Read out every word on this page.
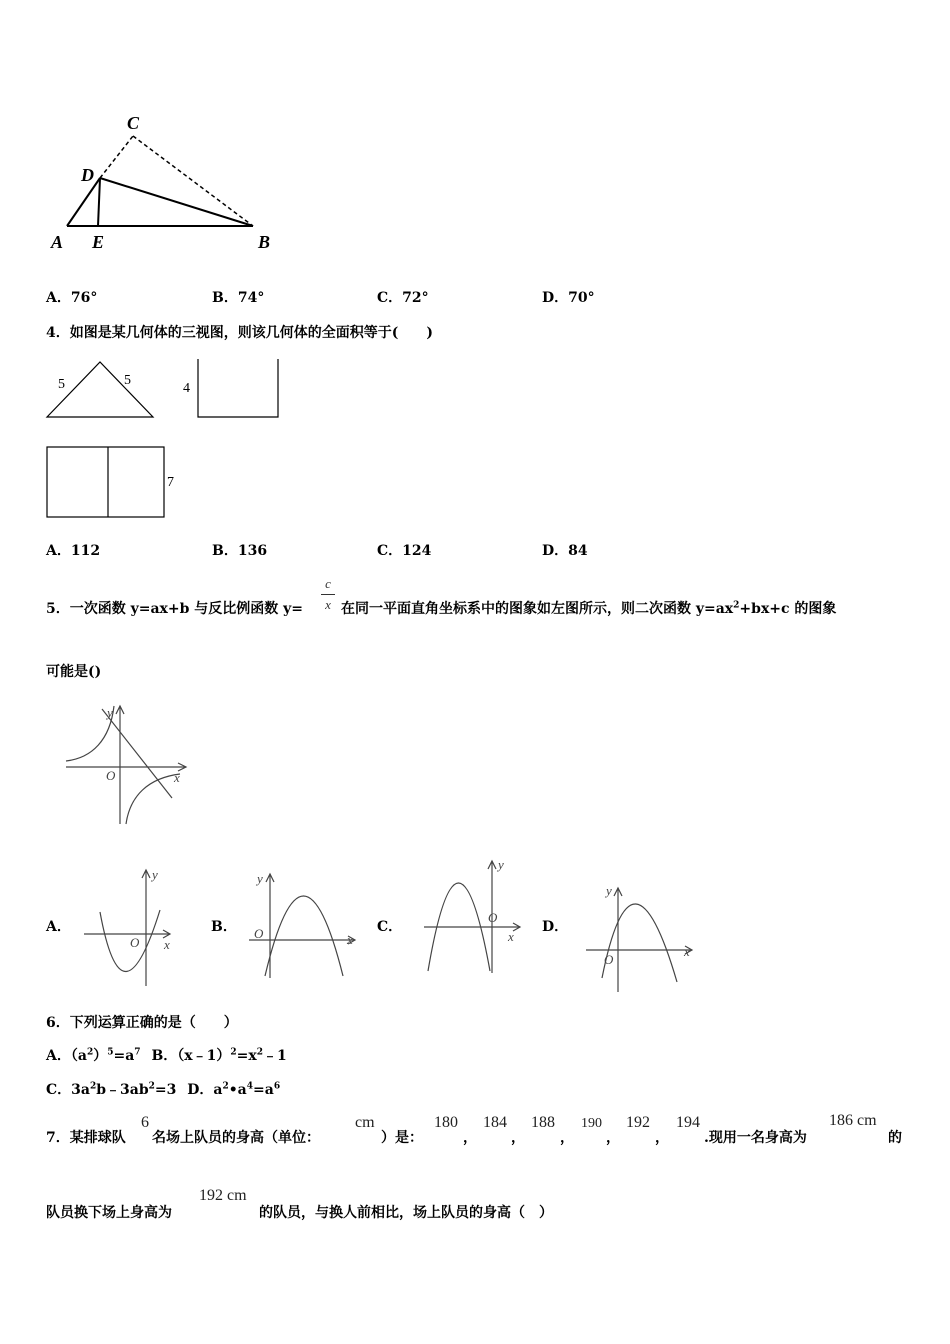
C
D
A E	B
A．76°	B．74°	C．72°	D．70°
4．如图是某几何体的三视图，则该几何体的全面积等于(　　)
5	5
4
7
A．112	B．136	C．124	D．84
5．一次函数 y=ax+b 与反比例函数 y=
c
x 在同一平面直角坐标系中的图象如左图所示，则二次函数 $y=ax^2+bx+c$ 的图象
可能是()
y
x
O
A．	B．	C．	D．
y
x
O
y
x
O
y
x
O
y
x
O
6．下列运算正确的是（　　）
A．$(a^2)^5=a^7$ B．$(x﹣1)^2=x^2﹣1$
C．$3a^2b﹣3ab^2=3$ D．$a^2•a^4=a^6$
7．某排球队
6
名场上队员的身高（单位：
cm
）是：
180
，
184
，
188
，
190
，
192
，
194
.现用一名身高为
186 cm
的
队员换下场上身高为
192 cm
的队员，与换人前相比，场上队员的身高（　）
